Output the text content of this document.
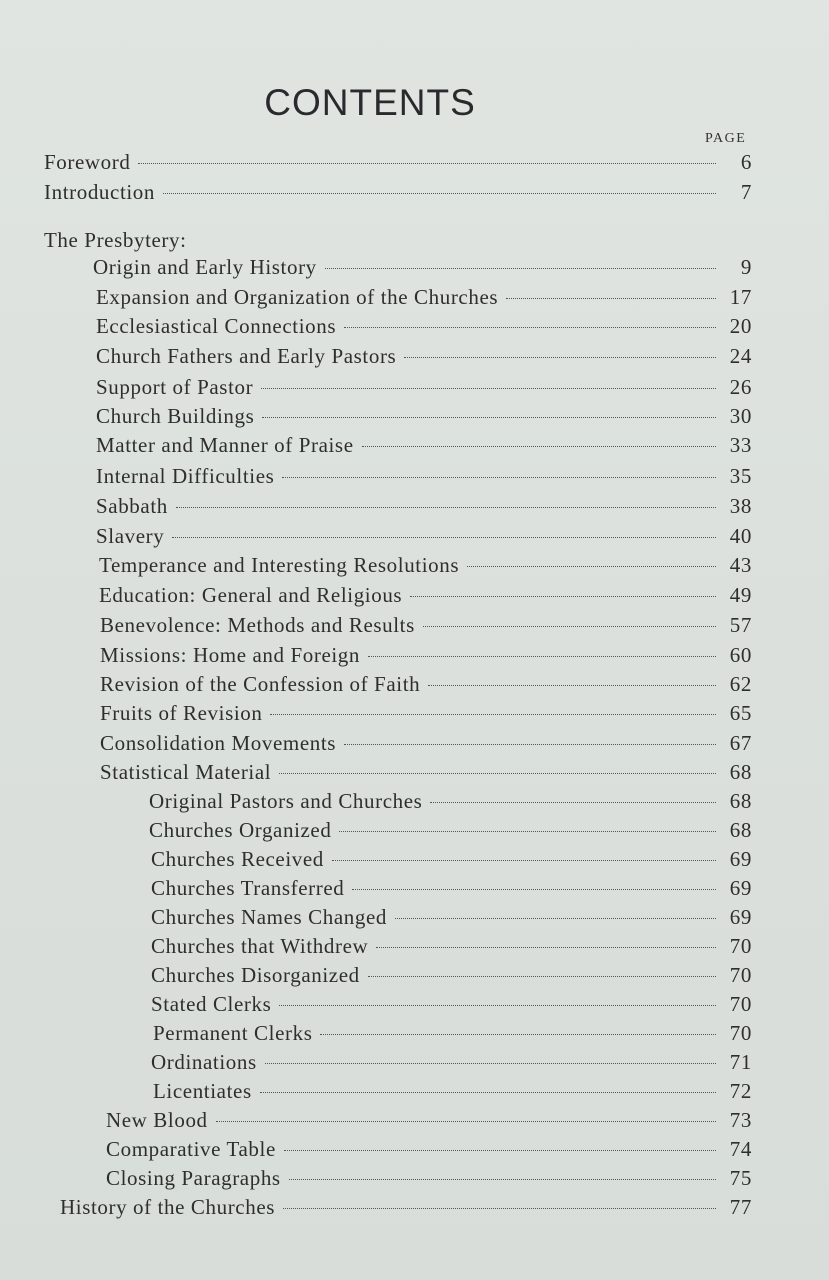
CONTENTS
PAGE
The Presbytery:
Foreword	6
Introduction	7
Origin and Early History	9
Expansion and Organization of the Churches	17
Ecclesiastical Connections	20
Church Fathers and Early Pastors	24
Support of Pastor	26
Church Buildings	30
Matter and Manner of Praise	33
Internal Difficulties	35
Sabbath	38
Slavery	40
Temperance and Interesting Resolutions	43
Education: General and Religious	49
Benevolence: Methods and Results	57
Missions: Home and Foreign	60
Revision of the Confession of Faith	62
Fruits of Revision	65
Consolidation Movements	67
Statistical Material	68
Original Pastors and Churches	68
Churches Organized	68
Churches Received	69
Churches Transferred	69
Churches Names Changed	69
Churches that Withdrew	70
Churches Disorganized	70
Stated Clerks	70
Permanent Clerks	70
Ordinations	71
Licentiates	72
New Blood	73
Comparative Table	74
Closing Paragraphs	75
History of the Churches	77
